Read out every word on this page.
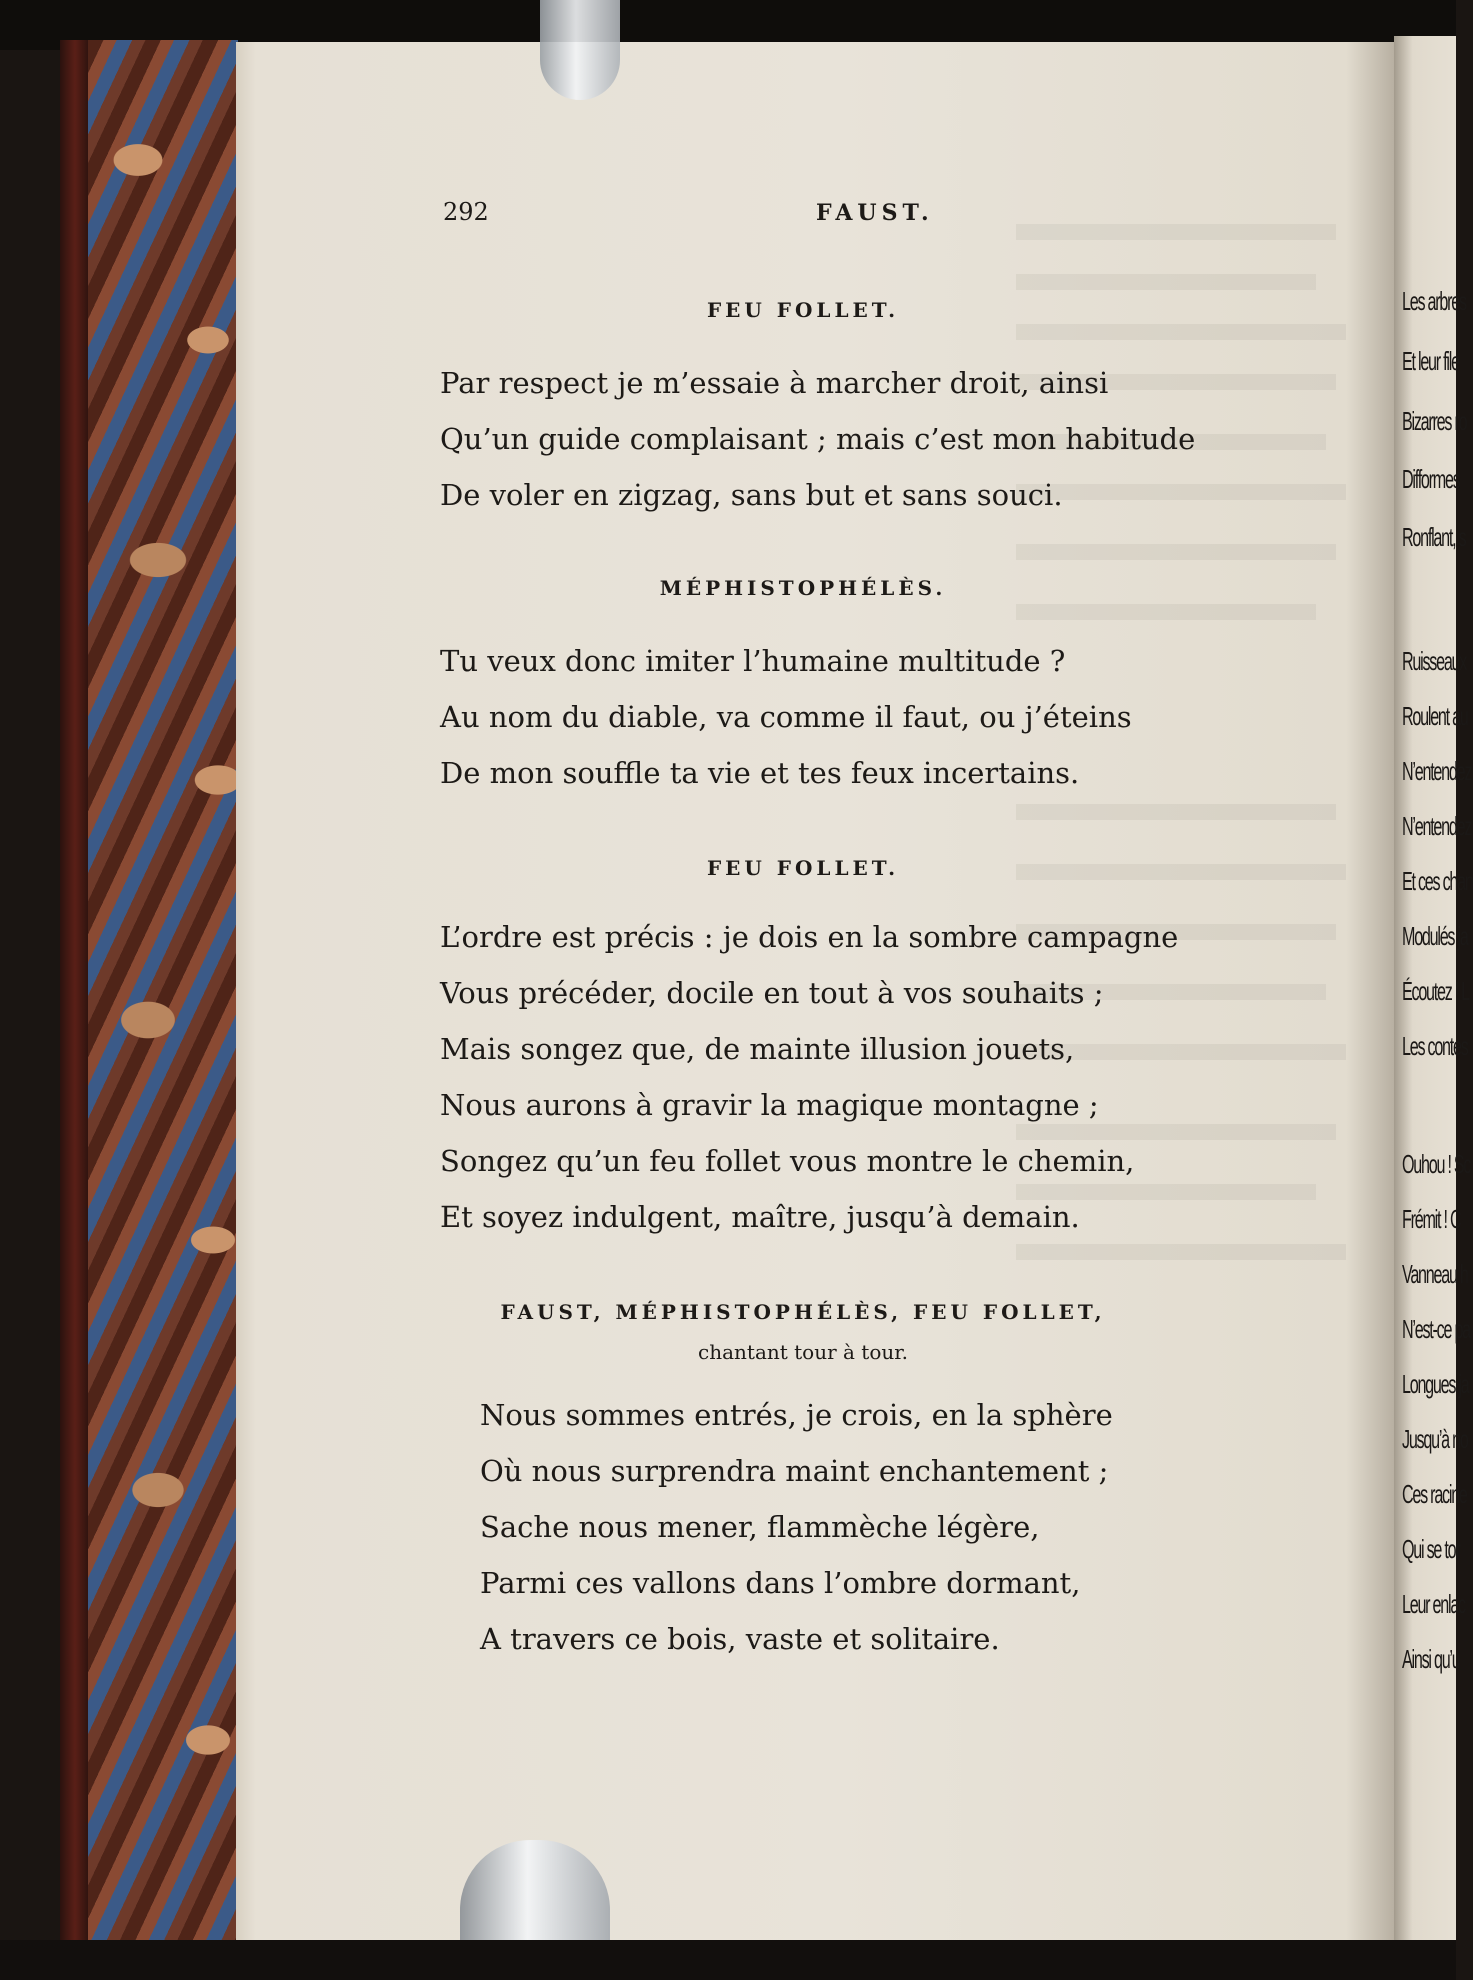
Les arbres
Et leur file
Bizarres ro
Difformes
Ronflant, s
Ruisseaux
Roulent au
N’entendez
N’entendez
Et ces chan
Modulés ja
Écoutez ! L
Les contes
Ouhou ! Sc
Frémit ! C
Vanneau h
N’est-ce pa
Longues ja
Jusqu’à no
Ces racine
Qui se tor
Leur enlac
Ainsi qu’u
292	FAUST.
FEU FOLLET.
Par respect je m’essaie à marcher droit, ainsi
Qu’un guide complaisant ; mais c’est mon habitude
De voler en zigzag, sans but et sans souci.
MÉPHISTOPHÉLÈS.
Tu veux donc imiter l’humaine multitude ?
Au nom du diable, va comme il faut, ou j’éteins
De mon souffle ta vie et tes feux incertains.
FEU FOLLET.
L’ordre est précis : je dois en la sombre campagne
Vous précéder, docile en tout à vos souhaits ;
Mais songez que, de mainte illusion jouets,
Nous aurons à gravir la magique montagne ;
Songez qu’un feu follet vous montre le chemin,
Et soyez indulgent, maître, jusqu’à demain.
FAUST, MÉPHISTOPHÉLÈS, FEU FOLLET,
chantant tour à tour.
Nous sommes entrés, je crois, en la sphère
Où nous surprendra maint enchantement ;
Sache nous mener, flammèche légère,
Parmi ces vallons dans l’ombre dormant,
A travers ce bois, vaste et solitaire.
